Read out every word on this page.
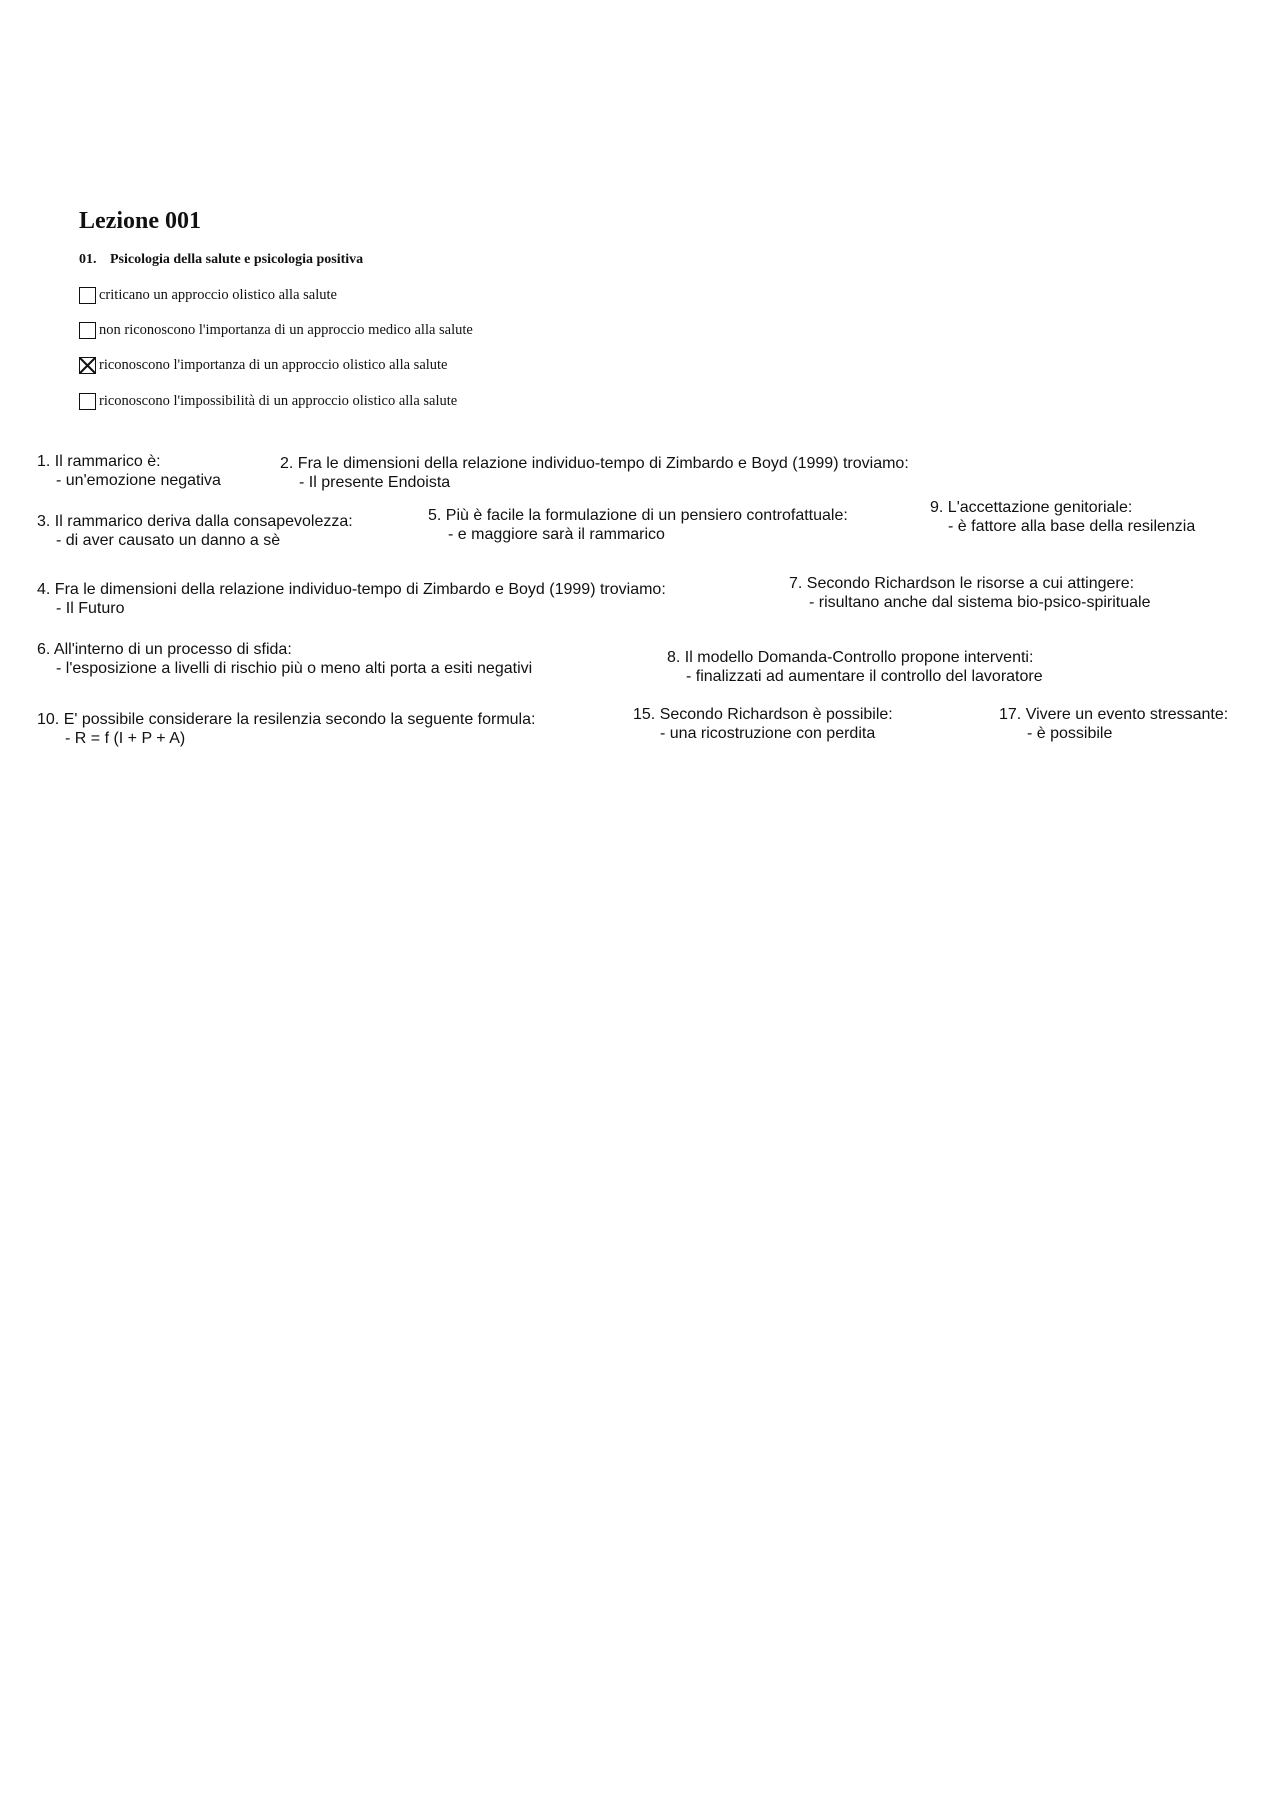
Lezione 001
01. Psicologia della salute e psicologia positiva
criticano un approccio olistico alla salute
non riconoscono l'importanza di un approccio medico alla salute
riconoscono l'importanza di un approccio olistico alla salute
riconoscono l'impossibilità di un approccio olistico alla salute
1. Il rammarico è:
- un'emozione negativa
2. Fra le dimensioni della relazione individuo-tempo di Zimbardo e Boyd (1999) troviamo:
- Il presente Endoista
3. Il rammarico deriva dalla consapevolezza:
- di aver causato un danno a sè
5. Più è facile la formulazione di un pensiero controfattuale:
- e maggiore sarà il rammarico
9. L'accettazione genitoriale:
- è fattore alla base della resilenzia
4. Fra le dimensioni della relazione individuo-tempo di Zimbardo e Boyd (1999) troviamo:
- Il Futuro
7. Secondo Richardson le risorse a cui attingere:
- risultano anche dal sistema bio-psico-spirituale
6. All'interno di un processo di sfida:
- l'esposizione a livelli di rischio più o meno alti porta a esiti negativi
8. Il modello Domanda-Controllo propone interventi:
- finalizzati ad aumentare il controllo del lavoratore
10. E' possibile considerare la resilenzia secondo la seguente formula:
- R = f (I + P + A)
15. Secondo Richardson è possibile:
- una ricostruzione con perdita
17. Vivere un evento stressante:
- è possibile
